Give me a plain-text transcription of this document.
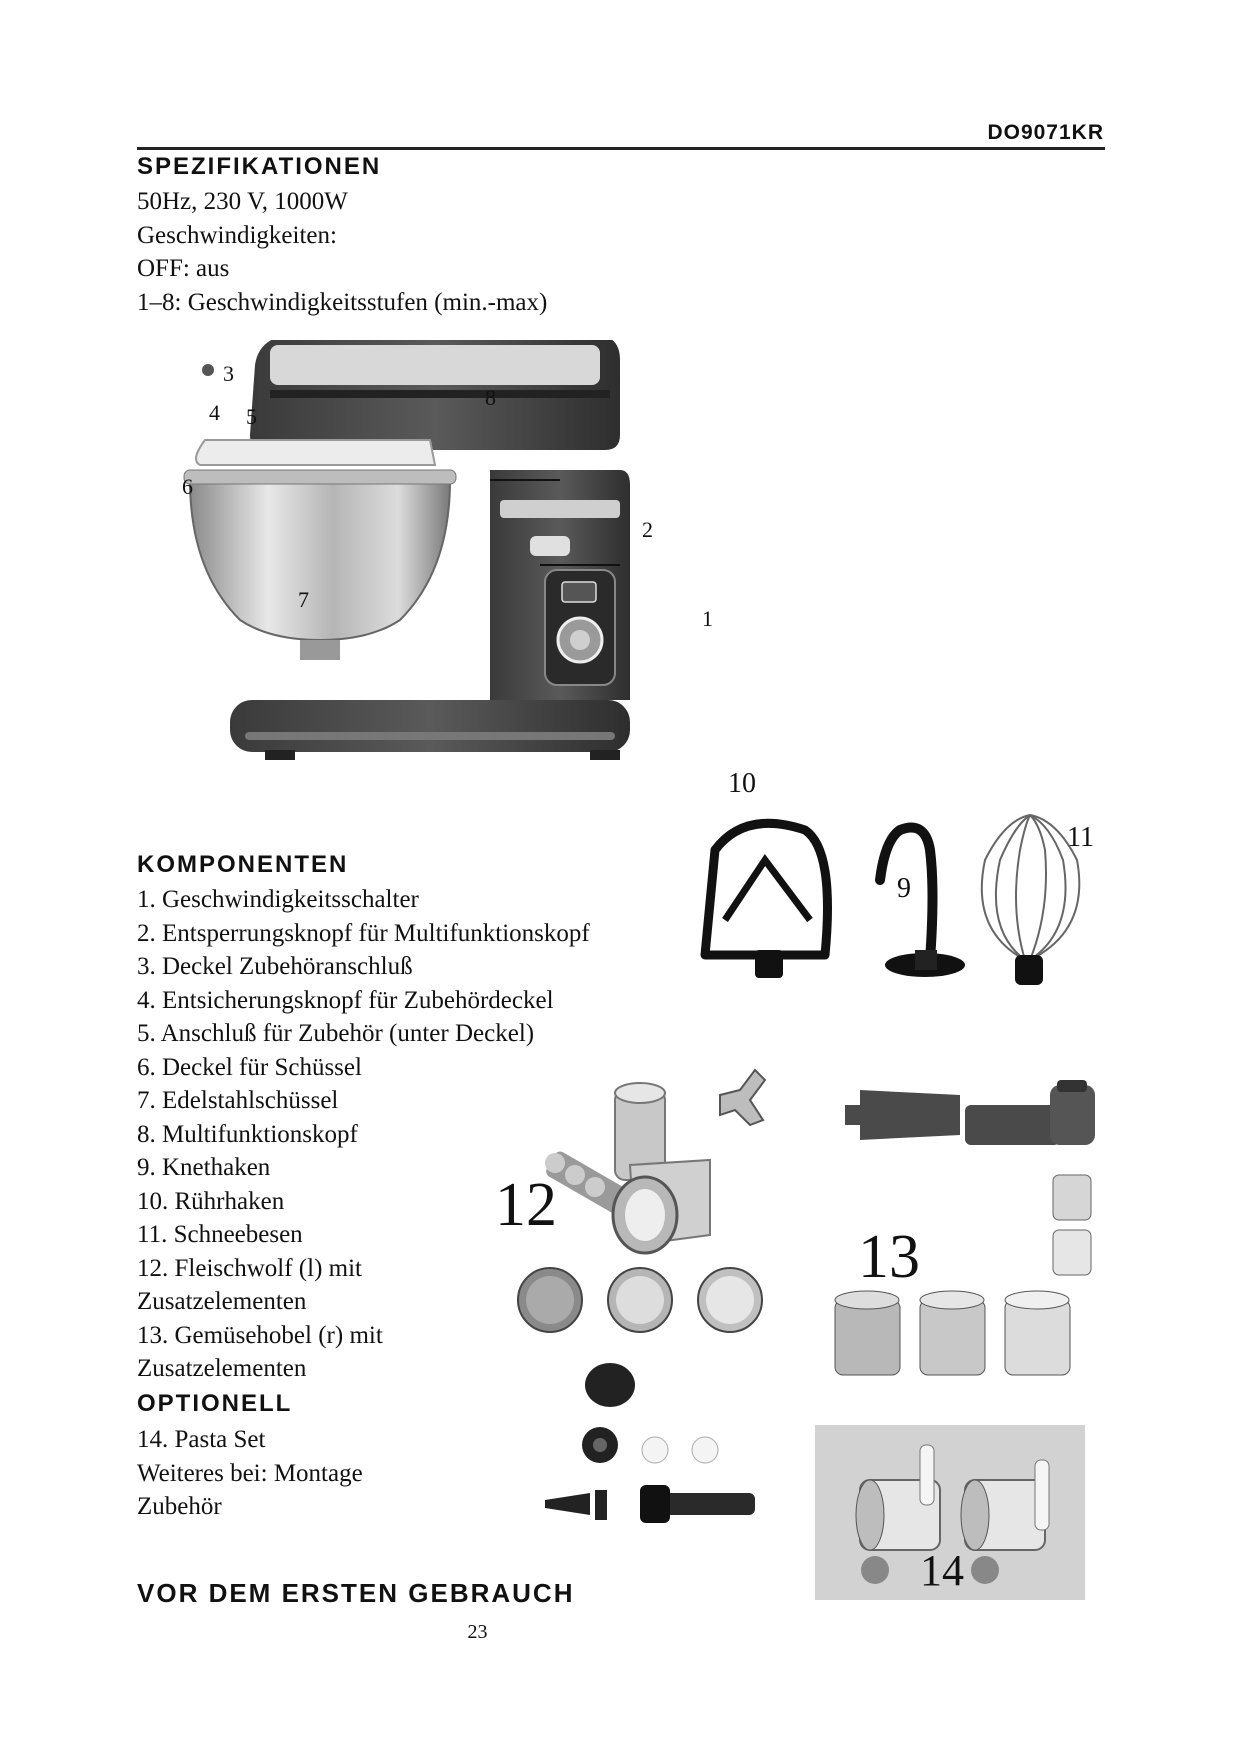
DO9071KR
SPEZIFIKATIONEN
50Hz, 230 V, 1000W
Geschwindigkeiten:
OFF: aus
1–8: Geschwindigkeitsstufen (min.-max)
1
2
3
4 5
6
7
8
10
9
11
KOMPONENTEN
1. Geschwindigkeitsschalter
2. Entsperrungsknopf für Multifunktionskopf
3. Deckel Zubehöranschluß
4. Entsicherungsknopf für Zubehördeckel
5. Anschluß für Zubehör (unter Deckel)
6. Deckel für Schüssel
7. Edelstahlschüssel
8. Multifunktionskopf
9. Knethaken
10. Rührhaken
11. Schneebesen
12. Fleischwolf (l) mit
Zusatzelementen
13. Gemüsehobel (r) mit
Zusatzelementen
OPTIONELL
14. Pasta Set
Weiteres bei: Montage
Zubehör
12
13
14
VOR DEM ERSTEN GEBRAUCH
23
